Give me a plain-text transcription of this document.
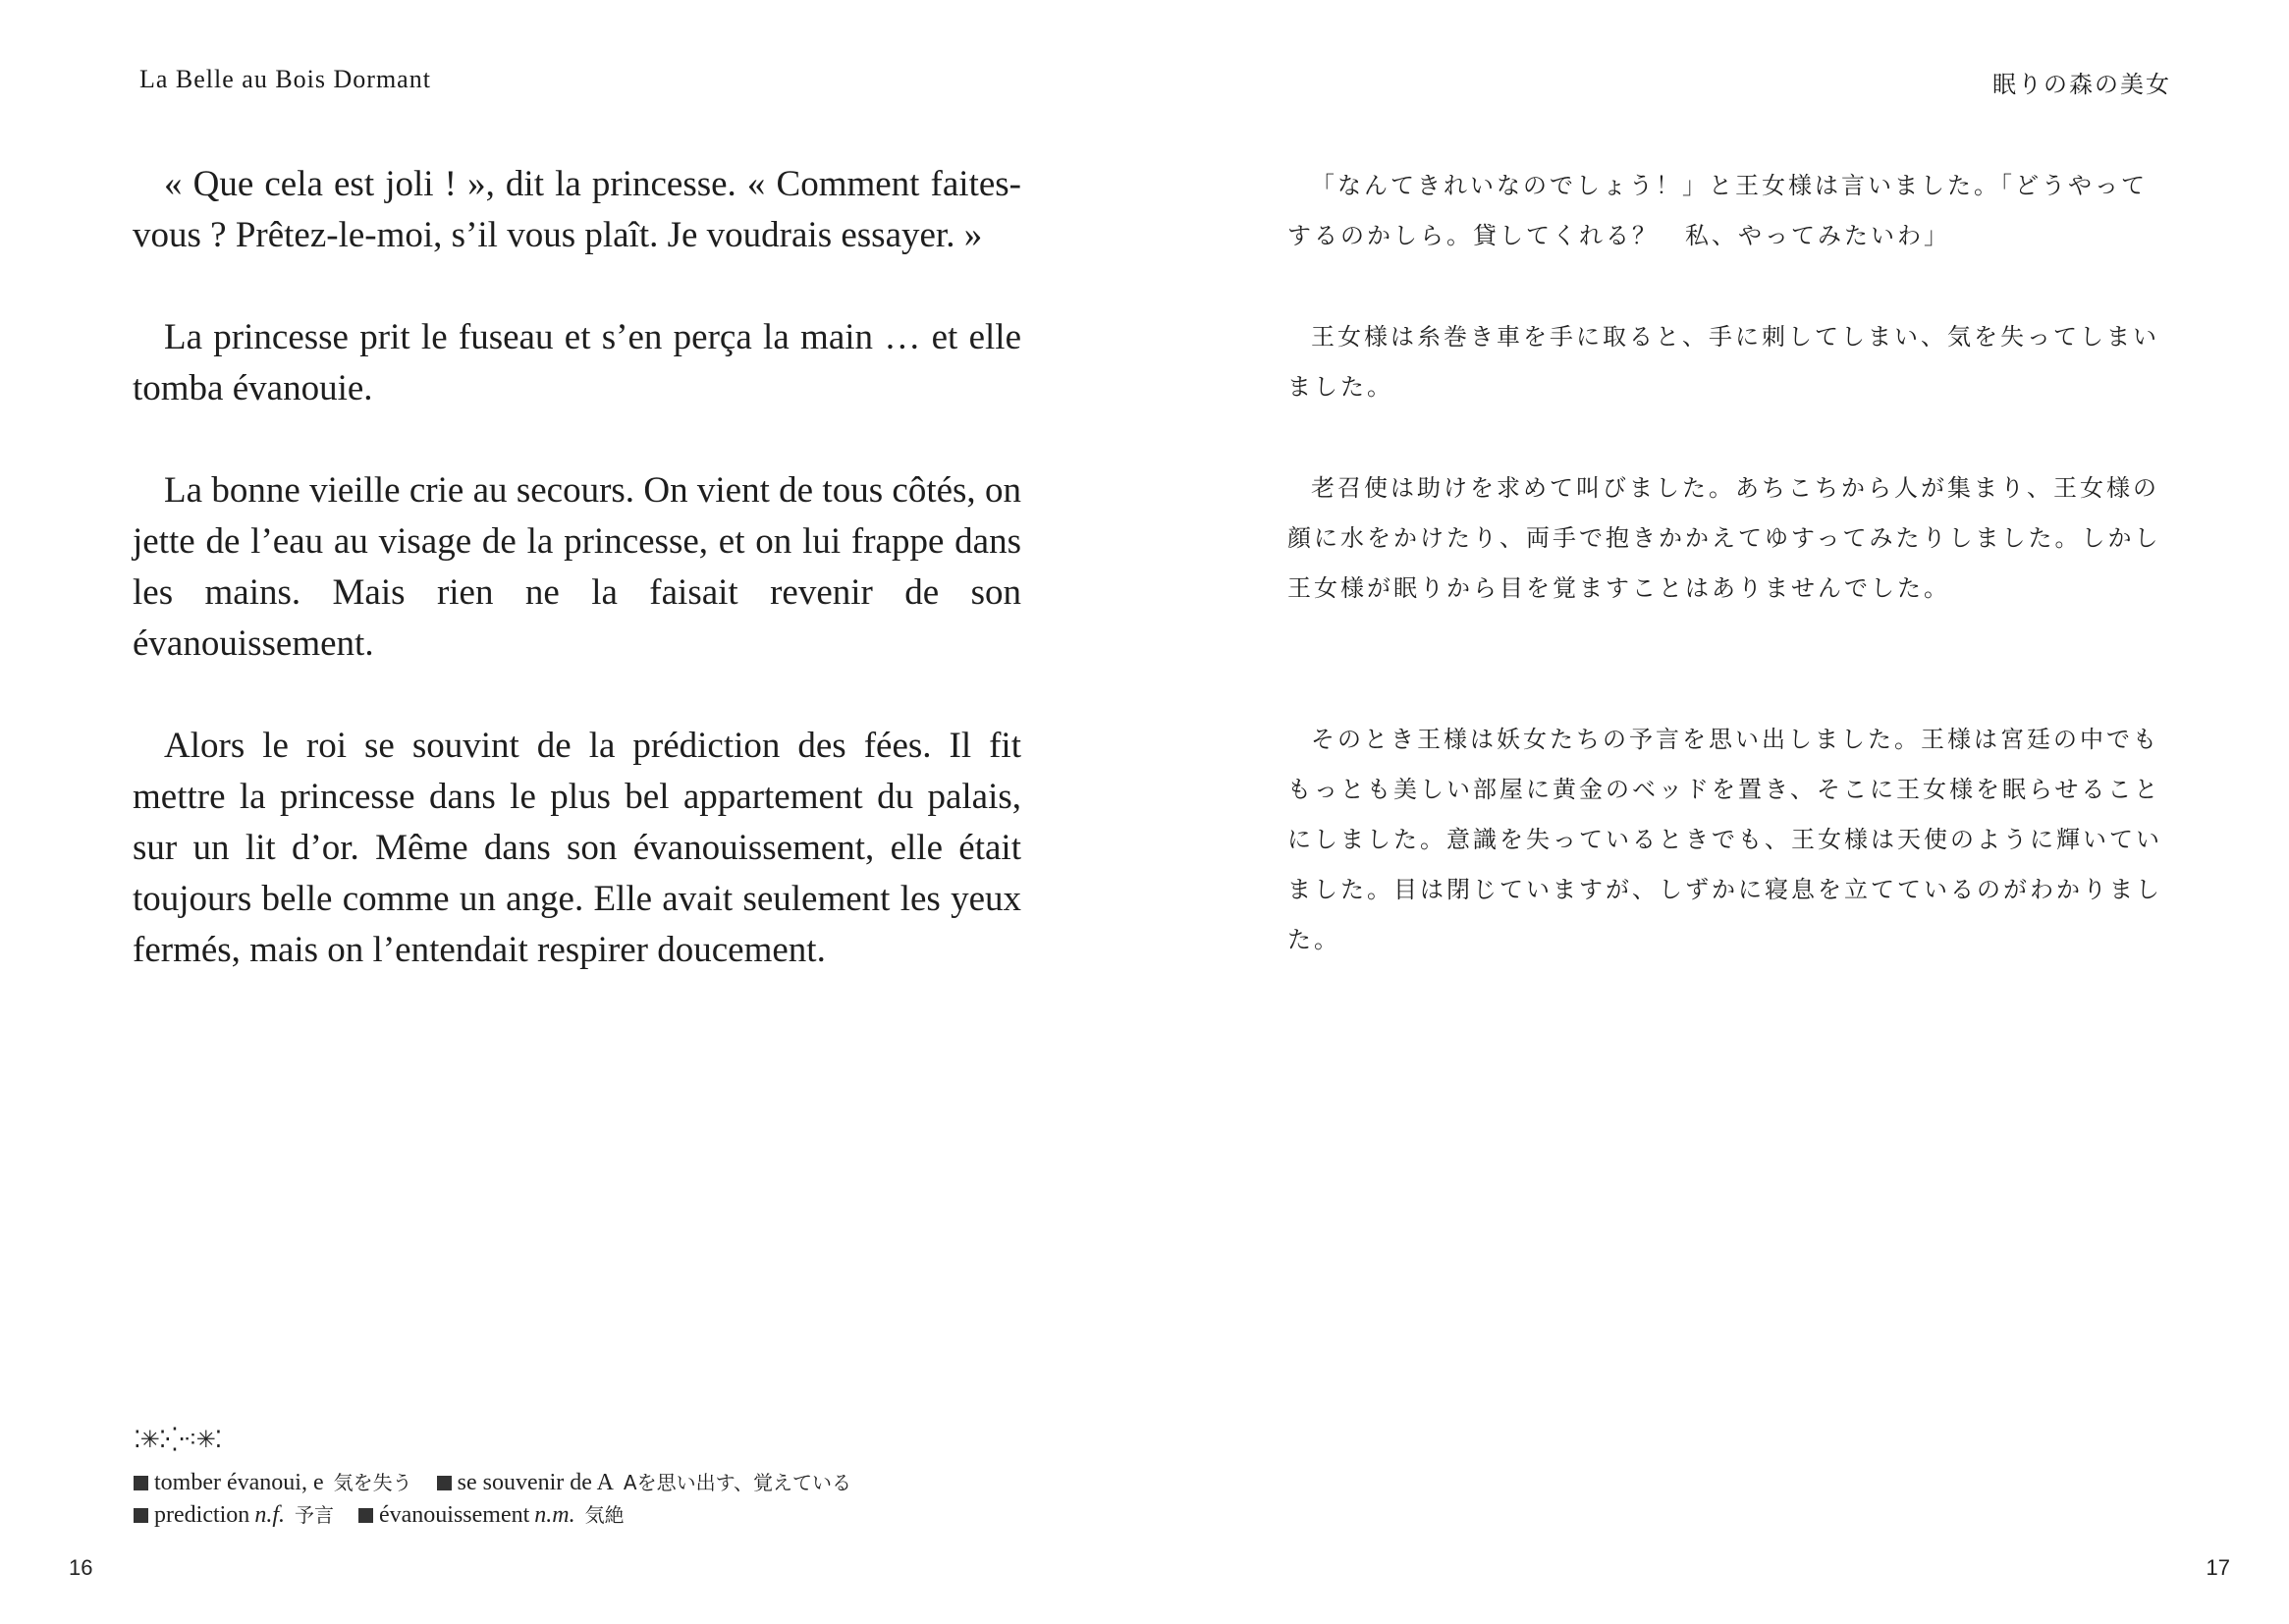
La Belle au Bois Dormant

« Que cela est joli ! », dit la princesse. « Comment faites-vous ? Prêtez-le-moi, s’il vous plaît. Je voudrais essayer. »

La princesse prit le fuseau et s’en perça la main … et elle tomba évanouie.

La bonne vieille crie au secours. On vient de tous côtés, on jette de l’eau au visage de la princesse, et on lui frappe dans les mains. Mais rien ne la faisait revenir de son évanouissement.

Alors le roi se souvint de la prédiction des fées. Il fit mettre la princesse dans le plus bel appartement du palais, sur un lit d’or. Même dans son évanouissement, elle était toujours belle comme un ange. Elle avait seulement les yeux fermés, mais on l’entendait respirer doucement.

⁚✳⁚⁛⁖✳⁚
tomber évanoui, e 気を失う se souvenir de A Aを思い出す、覚えている
prediction n.f. 予言 évanouissement n.m. 気絶
16
眠りの森の美女

「なんてきれいなのでしょう！」と王女様は言いました。「どうやってするのかしら。貸してくれる？　私、やってみたいわ」

王女様は糸巻き車を手に取ると、手に刺してしまい、気を失ってしまいました。

老召使は助けを求めて叫びました。あちこちから人が集まり、王女様の顔に水をかけたり、両手で抱きかかえてゆすってみたりしました。しかし王女様が眠りから目を覚ますことはありませんでした。

そのとき王様は妖女たちの予言を思い出しました。王様は宮廷の中でももっとも美しい部屋に黄金のベッドを置き、そこに王女様を眠らせることにしました。意識を失っているときでも、王女様は天使のように輝いていました。目は閉じていますが、しずかに寝息を立てているのがわかりました。

17
